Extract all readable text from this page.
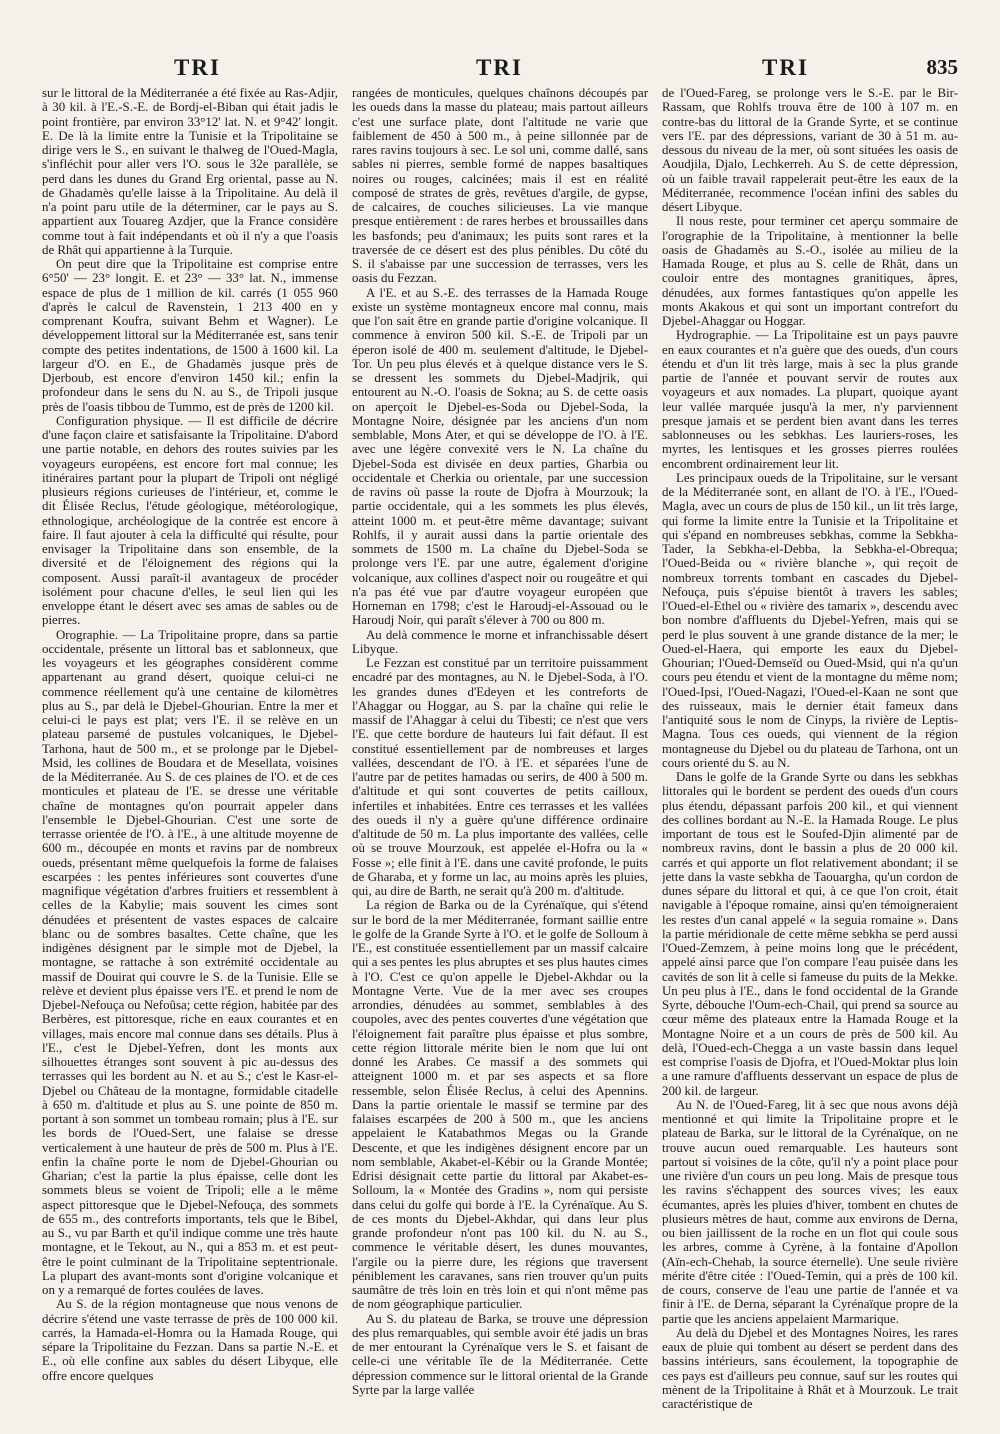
TRI	TRI	TRI	835

sur le littoral de la Méditerranée a été fixée au Ras-Adjir, à 30 kil. à l'E.-S.-E. de Bordj-el-Biban qui était jadis le point frontière, par environ 33°12' lat. N. et 9°42' longit. E. De là la limite entre la Tunisie et la Tripolitaine se dirige vers le S., en suivant le thalweg de l'Oued-Magla, s'infléchit pour aller vers l'O. sous le 32e parallèle, se perd dans les dunes du Grand Erg oriental, passe au N. de Ghadamès qu'elle laisse à la Tripolitaine. Au delà il n'a point paru utile de la déterminer, car le pays au S. appartient aux Touareg Azdjer, que la France considère comme tout à fait indépendants et où il n'y a que l'oasis de Rhât qui appartienne à la Turquie.

On peut dire que la Tripolitaine est comprise entre 6°50' — 23° longit. E. et 23° — 33° lat. N., immense espace de plus de 1 million de kil. carrés (1 055 960 d'après le calcul de Ravenstein, 1 213 400 en y comprenant Koufra, suivant Behm et Wagner). Le développement littoral sur la Méditerranée est, sans tenir compte des petites indentations, de 1500 à 1600 kil. La largeur d'O. en E., de Ghadamès jusque près de Djerboub, est encore d'environ 1450 kil.; enfin la profondeur dans le sens du N. au S., de Tripoli jusque près de l'oasis tibbou de Tummo, est de près de 1200 kil.

Configuration physique. — Il est difficile de décrire d'une façon claire et satisfaisante la Tripolitaine. D'abord une partie notable, en dehors des routes suivies par les voyageurs européens, est encore fort mal connue; les itinéraires partant pour la plupart de Tripoli ont négligé plusieurs régions curieuses de l'intérieur, et, comme le dit Élisée Reclus, l'étude géologique, météorologique, ethnologique, archéologique de la contrée est encore à faire. Il faut ajouter à cela la difficulté qui résulte, pour envisager la Tripolitaine dans son ensemble, de la diversité et de l'éloignement des régions qui la composent. Aussi paraît-il avantageux de procéder isolément pour chacune d'elles, le seul lien qui les enveloppe étant le désert avec ses amas de sables ou de pierres.

Orographie. — La Tripolitaine propre, dans sa partie occidentale, présente un littoral bas et sablonneux, que les voyageurs et les géographes considèrent comme appartenant au grand désert, quoique celui-ci ne commence réellement qu'à une centaine de kilomètres plus au S., par delà le Djebel-Ghourian. Entre la mer et celui-ci le pays est plat; vers l'E. il se relève en un plateau parsemé de pustules volcaniques, le Djebel-Tarhona, haut de 500 m., et se prolonge par le Djebel-Msid, les collines de Boudara et de Mesellata, voisines de la Méditerranée. Au S. de ces plaines de l'O. et de ces monticules et plateau de l'E. se dresse une véritable chaîne de montagnes qu'on pourrait appeler dans l'ensemble le Djebel-Ghourian. C'est une sorte de terrasse orientée de l'O. à l'E., à une altitude moyenne de 600 m., découpée en monts et ravins par de nombreux oueds, présentant même quelquefois la forme de falaises escarpées : les pentes inférieures sont couvertes d'une magnifique végétation d'arbres fruitiers et ressemblent à celles de la Kabylie; mais souvent les cimes sont dénudées et présentent de vastes espaces de calcaire blanc ou de sombres basaltes. Cette chaîne, que les indigènes désignent par le simple mot de Djebel, la montagne, se rattache à son extrémité occidentale au massif de Douirat qui couvre le S. de la Tunisie. Elle se relève et devient plus épaisse vers l'E. et prend le nom de Djebel-Nefouça ou Nefoûsa; cette région, habitée par des Berbères, est pittoresque, riche en eaux courantes et en villages, mais encore mal connue dans ses détails. Plus à l'E., c'est le Djebel-Yefren, dont les monts aux silhouettes étranges sont souvent à pic au-dessus des terrasses qui les bordent au N. et au S.; c'est le Kasr-el-Djebel ou Château de la montagne, formidable citadelle à 650 m. d'altitude et plus au S. une pointe de 850 m. portant à son sommet un tombeau romain; plus à l'E. sur les bords de l'Oued-Sert, une falaise se dresse verticalement à une hauteur de près de 500 m. Plus à l'E. enfin la chaîne porte le nom de Djebel-Ghourian ou Gharian; c'est la partie la plus épaisse, celle dont les sommets bleus se voient de Tripoli; elle a le même aspect pittoresque que le Djebel-Nefouça, des sommets de 655 m., des contreforts importants, tels que le Bibel, au S., vu par Barth et qu'il indique comme une très haute montagne, et le Tekout, au N., qui a 853 m. et est peut-être le point culminant de la Tripolitaine septentrionale. La plupart des avant-monts sont d'origine volcanique et on y a remarqué de fortes coulées de laves.

Au S. de la région montagneuse que nous venons de décrire s'étend une vaste terrasse de près de 100 000 kil. carrés, la Hamada-el-Homra ou la Hamada Rouge, qui sépare la Tripolitaine du Fezzan. Dans sa partie N.-E. et E., où elle confine aux sables du désert Libyque, elle offre encore quelques

rangées de monticules, quelques chaînons découpés par les oueds dans la masse du plateau; mais partout ailleurs c'est une surface plate, dont l'altitude ne varie que faiblement de 450 à 500 m., à peine sillonnée par de rares ravins toujours à sec. Le sol uni, comme dallé, sans sables ni pierres, semble formé de nappes basaltiques noires ou rouges, calcinées; mais il est en réalité composé de strates de grès, revêtues d'argile, de gypse, de calcaires, de couches silicieuses. La vie manque presque entièrement : de rares herbes et broussailles dans les basfonds; peu d'animaux; les puits sont rares et la traversée de ce désert est des plus pénibles. Du côté du S. il s'abaisse par une succession de terrasses, vers les oasis du Fezzan.

A l'E. et au S.-E. des terrasses de la Hamada Rouge existe un système montagneux encore mal connu, mais que l'on sait être en grande partie d'origine volcanique. Il commence à environ 500 kil. S.-E. de Tripoli par un éperon isolé de 400 m. seulement d'altitude, le Djebel-Tor. Un peu plus élevés et à quelque distance vers le S. se dressent les sommets du Djebel-Madjrik, qui entourent au N.-O. l'oasis de Sokna; au S. de cette oasis on aperçoit le Djebel-es-Soda ou Djebel-Soda, la Montagne Noire, désignée par les anciens d'un nom semblable, Mons Ater, et qui se développe de l'O. à l'E. avec une légère convexité vers le N. La chaîne du Djebel-Soda est divisée en deux parties, Gharbia ou occidentale et Cherkia ou orientale, par une succession de ravins où passe la route de Djofra à Mourzouk; la partie occidentale, qui a les sommets les plus élevés, atteint 1000 m. et peut-être même davantage; suivant Rohlfs, il y aurait aussi dans la partie orientale des sommets de 1500 m. La chaîne du Djebel-Soda se prolonge vers l'E. par une autre, également d'origine volcanique, aux collines d'aspect noir ou rougeâtre et qui n'a pas été vue par d'autre voyageur européen que Horneman en 1798; c'est le Haroudj-el-Assouad ou le Haroudj Noir, qui paraît s'élever à 700 ou 800 m.

Au delà commence le morne et infranchissable désert Libyque.

Le Fezzan est constitué par un territoire puissamment encadré par des montagnes, au N. le Djebel-Soda, à l'O. les grandes dunes d'Edeyen et les contreforts de l'Ahaggar ou Hoggar, au S. par la chaîne qui relie le massif de l'Ahaggar à celui du Tibesti; ce n'est que vers l'E. que cette bordure de hauteurs lui fait défaut. Il est constitué essentiellement par de nombreuses et larges vallées, descendant de l'O. à l'E. et séparées l'une de l'autre par de petites hamadas ou serirs, de 400 à 500 m. d'altitude et qui sont couvertes de petits cailloux, infertiles et inhabitées. Entre ces terrasses et les vallées des oueds il n'y a guère qu'une différence ordinaire d'altitude de 50 m. La plus importante des vallées, celle où se trouve Mourzouk, est appelée el-Hofra ou la « Fosse »; elle finit à l'E. dans une cavité profonde, le puits de Gharaba, et y forme un lac, au moins après les pluies, qui, au dire de Barth, ne serait qu'à 200 m. d'altitude.

La région de Barka ou de la Cyrénaïque, qui s'étend sur le bord de la mer Méditerranée, formant saillie entre le golfe de la Grande Syrte à l'O. et le golfe de Solloum à l'E., est constituée essentiellement par un massif calcaire qui a ses pentes les plus abruptes et ses plus hautes cimes à l'O. C'est ce qu'on appelle le Djebel-Akhdar ou la Montagne Verte. Vue de la mer avec ses croupes arrondies, dénudées au sommet, semblables à des coupoles, avec des pentes couvertes d'une végétation que l'éloignement fait paraître plus épaisse et plus sombre, cette région littorale mérite bien le nom que lui ont donné les Arabes. Ce massif a des sommets qui atteignent 1000 m. et par ses aspects et sa flore ressemble, selon Élisée Reclus, à celui des Apennins. Dans la partie orientale le massif se termine par des falaises escarpées de 200 à 500 m., que les anciens appelaient le Katabathmos Megas ou la Grande Descente, et que les indigènes désignent encore par un nom semblable, Akabet-el-Kébir ou la Grande Montée; Edrisi désignait cette partie du littoral par Akabet-es-Solloum, la « Montée des Gradins », nom qui persiste dans celui du golfe qui borde à l'E. la Cyrénaïque. Au S. de ces monts du Djebel-Akhdar, qui dans leur plus grande profondeur n'ont pas 100 kil. du N. au S., commence le véritable désert, les dunes mouvantes, l'argile ou la pierre dure, les régions que traversent péniblement les caravanes, sans rien trouver qu'un puits saumâtre de très loin en très loin et qui n'ont même pas de nom géographique particulier.

Au S. du plateau de Barka, se trouve une dépression des plus remarquables, qui semble avoir été jadis un bras de mer entourant la Cyrénaïque vers le S. et faisant de celle-ci une véritable île de la Méditerranée. Cette dépression commence sur le littoral oriental de la Grande Syrte par la large vallée

de l'Oued-Fareg, se prolonge vers le S.-E. par le Bir-Rassam, que Rohlfs trouva être de 100 à 107 m. en contre-bas du littoral de la Grande Syrte, et se continue vers l'E. par des dépressions, variant de 30 à 51 m. au-dessous du niveau de la mer, où sont situées les oasis de Aoudjila, Djalo, Lechkerreh. Au S. de cette dépression, où un faible travail rappelerait peut-être les eaux de la Méditerranée, recommence l'océan infini des sables du désert Libyque.

Il nous reste, pour terminer cet aperçu sommaire de l'orographie de la Tripolitaine, à mentionner la belle oasis de Ghadamès au S.-O., isolée au milieu de la Hamada Rouge, et plus au S. celle de Rhât, dans un couloir entre des montagnes granitiques, âpres, dénudées, aux formes fantastiques qu'on appelle les monts Akakous et qui sont un important contrefort du Djebel-Ahaggar ou Hoggar.

Hydrographie. — La Tripolitaine est un pays pauvre en eaux courantes et n'a guère que des oueds, d'un cours étendu et d'un lit très large, mais à sec la plus grande partie de l'année et pouvant servir de routes aux voyageurs et aux nomades. La plupart, quoique ayant leur vallée marquée jusqu'à la mer, n'y parviennent presque jamais et se perdent bien avant dans les terres sablonneuses ou les sebkhas. Les lauriers-roses, les myrtes, les lentisques et les grosses pierres roulées encombrent ordinairement leur lit.

Les principaux oueds de la Tripolitaine, sur le versant de la Méditerranée sont, en allant de l'O. à l'E., l'Oued-Magla, avec un cours de plus de 150 kil., un lit très large, qui forme la limite entre la Tunisie et la Tripolitaine et qui s'épand en nombreuses sebkhas, comme la Sebkha-Tader, la Sebkha-el-Debba, la Sebkha-el-Obrequa; l'Oued-Beida ou « rivière blanche », qui reçoit de nombreux torrents tombant en cascades du Djebel-Nefouça, puis s'épuise bientôt à travers les sables; l'Oued-el-Ethel ou « rivière des tamarix », descendu avec bon nombre d'affluents du Djebel-Yefren, mais qui se perd le plus souvent à une grande distance de la mer; le Oued-el-Haera, qui emporte les eaux du Djebel-Ghourian; l'Oued-Demseïd ou Oued-Msid, qui n'a qu'un cours peu étendu et vient de la montagne du même nom; l'Oued-Ipsi, l'Oued-Nagazi, l'Oued-el-Kaan ne sont que des ruisseaux, mais le dernier était fameux dans l'antiquité sous le nom de Cinyps, la rivière de Leptis-Magna. Tous ces oueds, qui viennent de la région montagneuse du Djebel ou du plateau de Tarhona, ont un cours orienté du S. au N.

Dans le golfe de la Grande Syrte ou dans les sebkhas littorales qui le bordent se perdent des oueds d'un cours plus étendu, dépassant parfois 200 kil., et qui viennent des collines bordant au N.-E. la Hamada Rouge. Le plus important de tous est le Soufed-Djin alimenté par de nombreux ravins, dont le bassin a plus de 20 000 kil. carrés et qui apporte un flot relativement abondant; il se jette dans la vaste sebkha de Taouargha, qu'un cordon de dunes sépare du littoral et qui, à ce que l'on croit, était navigable à l'époque romaine, ainsi qu'en témoigneraient les restes d'un canal appelé « la seguia romaine ». Dans la partie méridionale de cette même sebkha se perd aussi l'Oued-Zemzem, à peine moins long que le précédent, appelé ainsi parce que l'on compare l'eau puisée dans les cavités de son lit à celle si fameuse du puits de la Mekke. Un peu plus à l'E., dans le fond occidental de la Grande Syrte, débouche l'Oum-ech-Chail, qui prend sa source au cœur même des plateaux entre la Hamada Rouge et la Montagne Noire et a un cours de près de 500 kil. Au delà, l'Oued-ech-Chegga a un vaste bassin dans lequel est comprise l'oasis de Djofra, et l'Oued-Moktar plus loin a une ramure d'affluents desservant un espace de plus de 200 kil. de largeur.

Au N. de l'Oued-Fareg, lit à sec que nous avons déjà mentionné et qui limite la Tripolitaine propre et le plateau de Barka, sur le littoral de la Cyrénaïque, on ne trouve aucun oued remarquable. Les hauteurs sont partout si voisines de la côte, qu'il n'y a point place pour une rivière d'un cours un peu long. Mais de presque tous les ravins s'échappent des sources vives; les eaux écumantes, après les pluies d'hiver, tombent en chutes de plusieurs mètres de haut, comme aux environs de Derna, ou bien jaillissent de la roche en un flot qui coule sous les arbres, comme à Cyrène, à la fontaine d'Apollon (Aïn-ech-Chehab, la source éternelle). Une seule rivière mérite d'être citée : l'Oued-Temin, qui a près de 100 kil. de cours, conserve de l'eau une partie de l'année et va finir à l'E. de Derna, séparant la Cyrénaïque propre de la partie que les anciens appelaient Marmarique.

Au delà du Djebel et des Montagnes Noires, les rares eaux de pluie qui tombent au désert se perdent dans des bassins intérieurs, sans écoulement, la topographie de ces pays est d'ailleurs peu connue, sauf sur les routes qui mènent de la Tripolitaine à Rhât et à Mourzouk. Le trait caractéristique de
